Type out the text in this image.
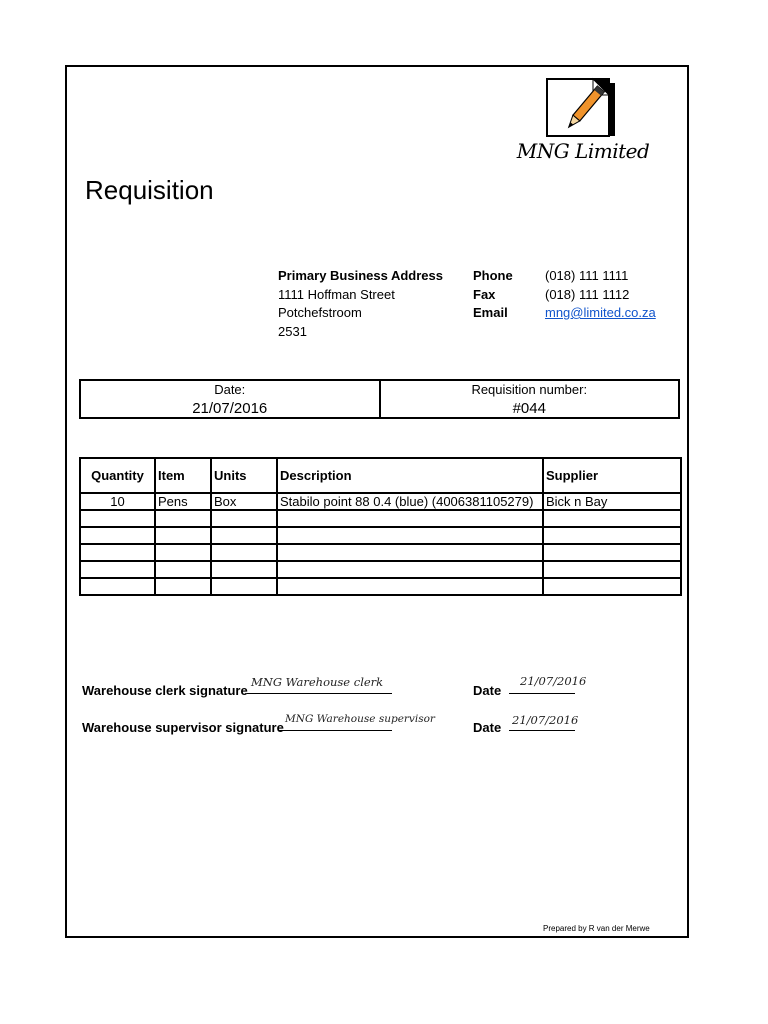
MNG Limited
Requisition
Primary Business Address
1111 Hoffman Street
Potchefstroom
2531
Phone	(018) 111 1111
Fax	(018) 111 1112
Email	mng@limited.co.za
Date:
21/07/2016
Requisition number:
#044
Quantity	Item	Units	Description	Supplier
10	Pens	Box	Stabilo point 88 0.4 (blue) (4006381105279)	Bick n Bay

Warehouse clerk signature
MNG Warehouse clerk
Date
21/07/2016
Warehouse supervisor signature
MNG Warehouse supervisor
Date 21/07/2016
Prepared by R van der Merwe
